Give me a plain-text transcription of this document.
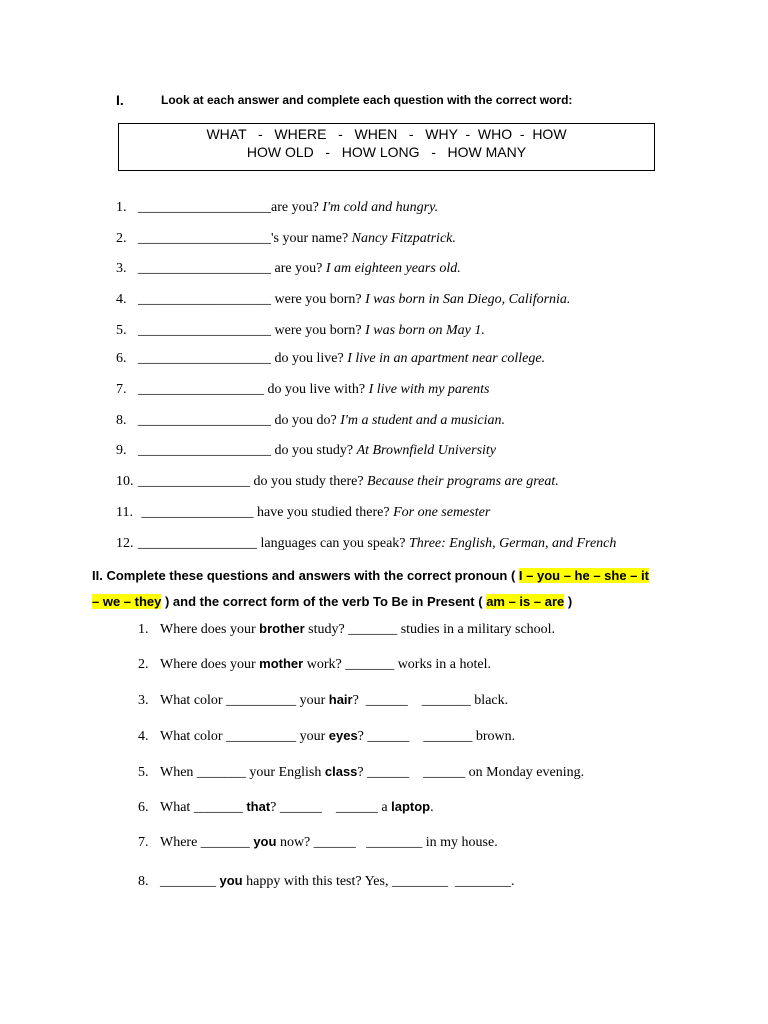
I.	Look at each answer and complete each question with the correct word:
WHAT   -   WHERE   -   WHEN   -   WHY  -  WHO  -  HOW
HOW OLD   -   HOW LONG   -   HOW MANY
1. ___________________are you? I'm cold and hungry.
2. ___________________'s your name? Nancy Fitzpatrick.
3. ___________________ are you? I am eighteen years old.
4. ___________________ were you born? I was born in San Diego, California.
5. ___________________ were you born? I was born on May 1.
6. ___________________ do you live? I live in an apartment near college.
7. __________________ do you live with? I live with my parents
8. ___________________ do you do? I'm a student and a musician.
9. ___________________ do you study? At Brownfield University
10. ________________ do you study there? Because their programs are great.
11. ________________ have you studied there? For one semester
12. _________________ languages can you speak? Three: English, German, and French
II. Complete these questions and answers with the correct pronoun ( I – you – he – she – it
– we – they ) and the correct form of the verb To Be in Present ( am – is – are )
1. Where does your brother study? _______ studies in a military school.
2. Where does your mother work? _______ works in a hotel.
3. What color __________ your hair?  ______    _______ black.
4. What color __________ your eyes? ______    _______ brown.
5. When _______ your English class? ______    ______ on Monday evening.
6. What _______ that? ______    ______ a laptop.
7. Where _______ you now? ______   ________ in my house.
8. ________ you happy with this test? Yes, ________  ________.
